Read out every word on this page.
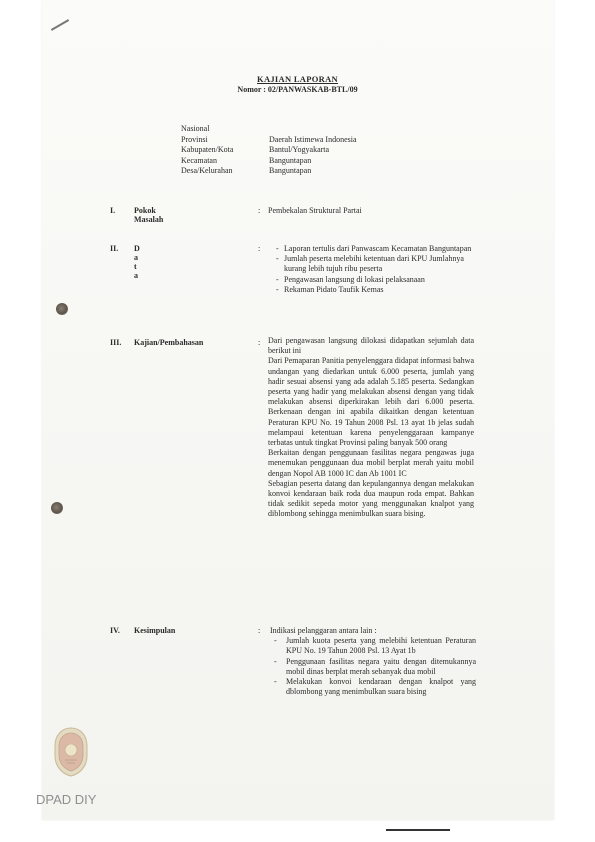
KAJIAN LAPORAN
Nomor : 02/PANWASKAB-BTL/09
Nasional
Provinsi	Daerah Istimewa Indonesia
Kabupaten/Kota	Bantul/Yogyakarta
Kecamatan	Banguntapan
Desa/Kelurahan	Banguntapan
I. Pokok Masalah
: Pembekalan Struktural Partai
II. D a t a
:
-	Laporan tertulis dari Panwascam Kecamatan Banguntapan
- Jumlah peserta melebihi ketentuan dari KPU Jumlahnya kurang lebih tujuh ribu peserta
- Pengawasan langsung di lokasi pelaksanaan
- Rekaman Pidato Taufik Kemas
III. Kajian/Pembahasan	: Dari pengawasan langsung dilokasi didapatkan sejumlah data berikut ini
Dari Pemaparan Panitia penyelenggara didapat informasi bahwa undangan yang diedarkan untuk 6.000 peserta, jumlah yang hadir sesuai absensi yang ada adalah 5.185 peserta. Sedangkan peserta yang hadir yang melakukan absensi dengan yang tidak melakukan absensi diperkirakan lebih dari 6.000 peserta. Berkenaan dengan ini apabila dikaitkan dengan ketentuan Peraturan KPU No. 19 Tahun 2008 Psl. 13 ayat 1b jelas sudah melampaui ketentuan karena penyelenggaraan kampanye terbatas untuk tingkat Provinsi paling banyak 500 orang
Berkaitan dengan penggunaan fasilitas negara pengawas juga menemukan penggunaan dua mobil berplat merah yaitu mobil dengan Nopol AB 1000 IC dan Ab 1001 IC
Sebagian peserta datang dan kepulangannya dengan melakukan konvoi kendaraan baik roda dua maupun roda empat. Bahkan tidak sedikit sepeda motor yang menggunakan knalpot yang diblombong sehingga menimbulkan suara bising.
IV. Kesimpulan	: Indikasi pelanggaran antara lain :
- Jumlah kuota peserta yang melebihi ketentuan Peraturan KPU No. 19 Tahun 2008 Psl. 13 Ayat 1b
- Penggunaan fasilitas negara yaitu dengan ditemukannya mobil dinas berplat merah sebanyak dua mobil
- Melakukan konvoi kendaraan dengan knalpot yang dblombong yang menimbulkan suara bising
DPAD DIY
